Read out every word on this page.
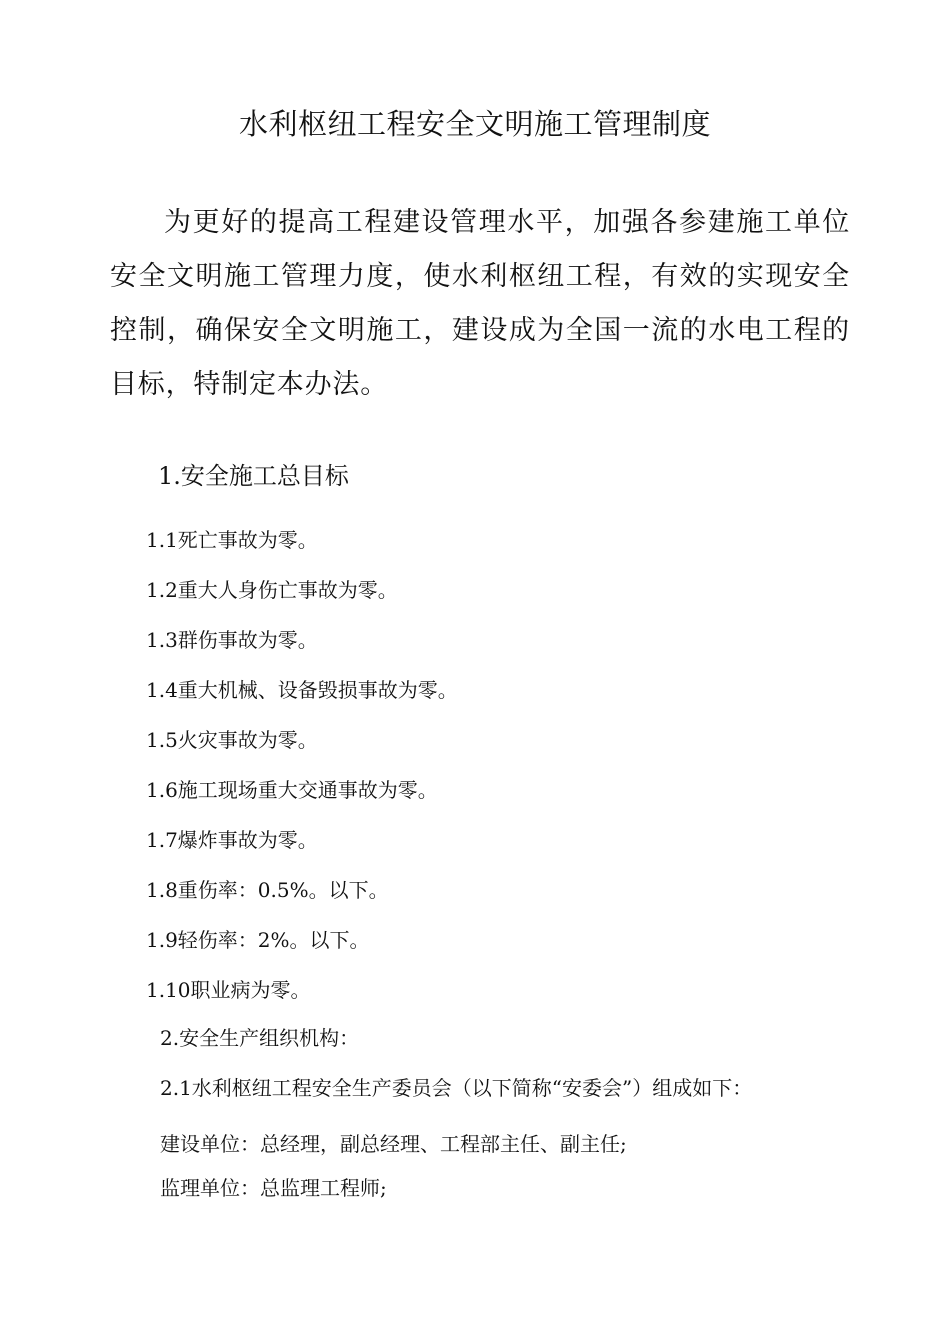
水利枢纽工程安全文明施工管理制度
为更好的提高工程建设管理水平，加强各参建施工单位安全文明施工管理力度，使水利枢纽工程，有效的实现安全控制，确保安全文明施工，建设成为全国一流的水电工程的目标，特制定本办法。
1.安全施工总目标
1.1死亡事故为零。
1.2重大人身伤亡事故为零。
1.3群伤事故为零。
1.4重大机械、设备毁损事故为零。
1.5火灾事故为零。
1.6施工现场重大交通事故为零。
1.7爆炸事故为零。
1.8重伤率：0.5%。以下。
1.9轻伤率：2%。以下。
1.10职业病为零。
2.安全生产组织机构：
2.1水利枢纽工程安全生产委员会（以下简称“安委会”）组成如下：
建设单位：总经理，副总经理、工程部主任、副主任;
监理单位：总监理工程师;
